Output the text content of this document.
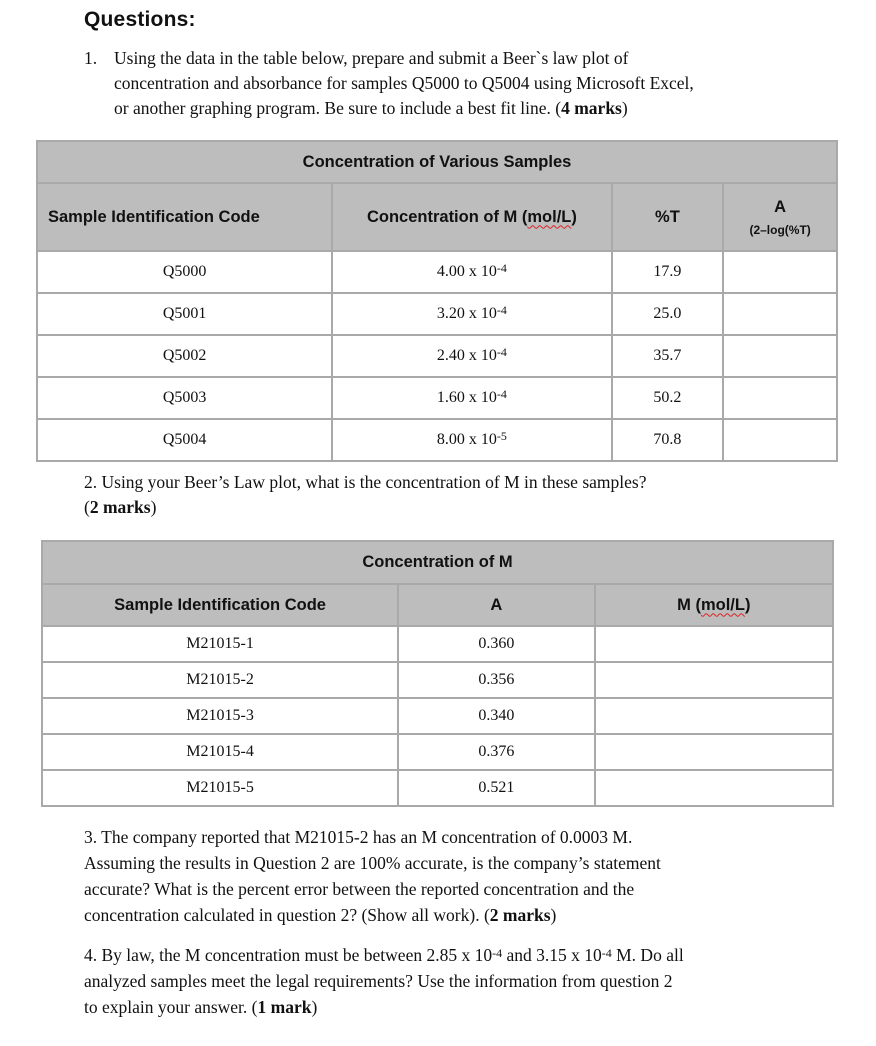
Questions:
1. Using the data in the table below, prepare and submit a Beer`s law plot of
concentration and absorbance for samples Q5000 to Q5004 using Microsoft Excel,
or another graphing program. Be sure to include a best fit line. (4 marks)
Concentration of Various Samples			
Sample Identification Code	Concentration of M (mol/L)	%T	A
(2–log(%T)

Q5000	4.00 x $10^{-4}$	17.9	
Q5001	3.20 x $10^{-4}$	25.0	
Q5002	2.40 x $10^{-4}$	35.7	
Q5003	1.60 x $10^{-4}$	50.2	
Q5004	8.00 x $10^{-5}$	70.8	
2. Using your Beer’s Law plot, what is the concentration of M in these samples?
(2 marks)
Concentration of M		
Sample Identification Code	A	M (mol/L)
M21015-1	0.360	
M21015-2	0.356	
M21015-3	0.340	
M21015-4	0.376	
M21015-5	0.521	
3. The company reported that M21015-2 has an M concentration of 0.0003 M.
Assuming the results in Question 2 are 100% accurate, is the company’s statement
accurate? What is the percent error between the reported concentration and the
concentration calculated in question 2? (Show all work). (2 marks)
4. By law, the M concentration must be between 2.85 x $10^{-4}$ and 3.15 x $10^{-4}$ M. Do all
analyzed samples meet the legal requirements? Use the information from question 2
to explain your answer. (1 mark)
